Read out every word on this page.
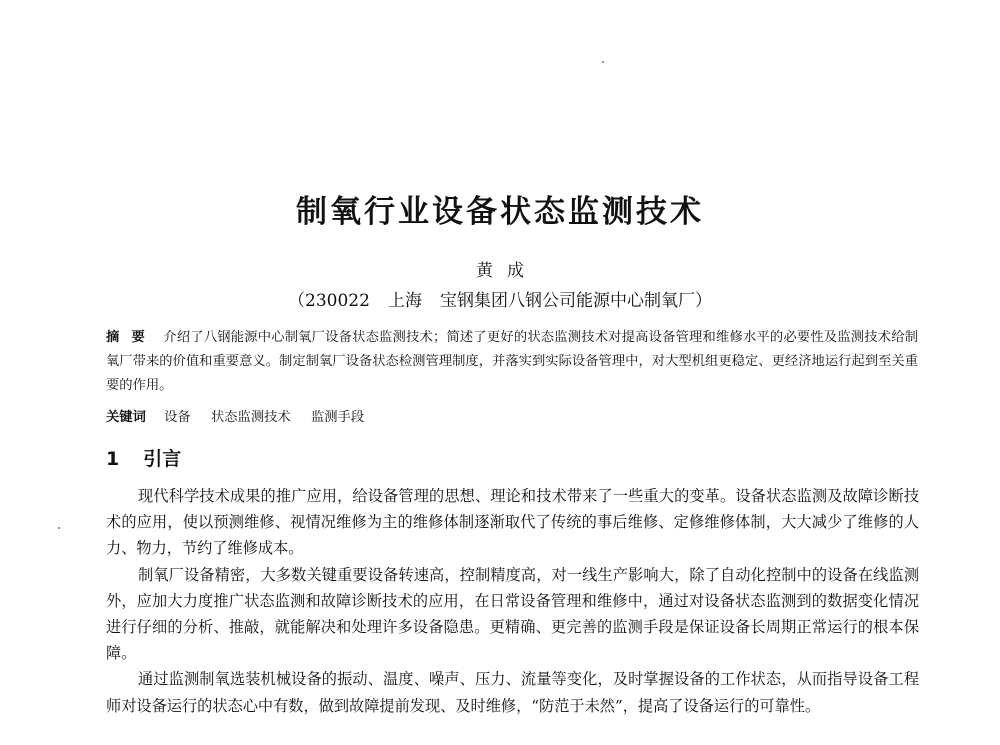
制氧行业设备状态监测技术
黄成
（230022 上海 宝钢集团八钢公司能源中心制氧厂）
摘要 介绍了八钢能源中心制氧厂设备状态监测技术；简述了更好的状态监测技术对提高设备管理和维修水平的必要性及监测技术给制氧厂带来的价值和重要意义。制定制氧厂设备状态检测管理制度，并落实到实际设备管理中，对大型机组更稳定、更经济地运行起到至关重要的作用。
关键词 设备 状态监测技术 监测手段
1 引言

现代科学技术成果的推广应用，给设备管理的思想、理论和技术带来了一些重大的变革。设备状态监测及故障诊断技术的应用，使以预测维修、视情况维修为主的维修体制逐渐取代了传统的事后维修、定修维修体制，大大减少了维修的人力、物力，节约了维修成本。

制氧厂设备精密，大多数关键重要设备转速高，控制精度高，对一线生产影响大，除了自动化控制中的设备在线监测外，应加大力度推广状态监测和故障诊断技术的应用，在日常设备管理和维修中，通过对设备状态监测到的数据变化情况进行仔细的分析、推敲，就能解决和处理许多设备隐患。更精确、更完善的监测手段是保证设备长周期正常运行的根本保障。

通过监测制氧选装机械设备的振动、温度、噪声、压力、流量等变化，及时掌握设备的工作状态，从而指导设备工程师对设备运行的状态心中有数，做到故障提前发现、及时维修，“防范于未然”，提高了设备运行的可靠性。
